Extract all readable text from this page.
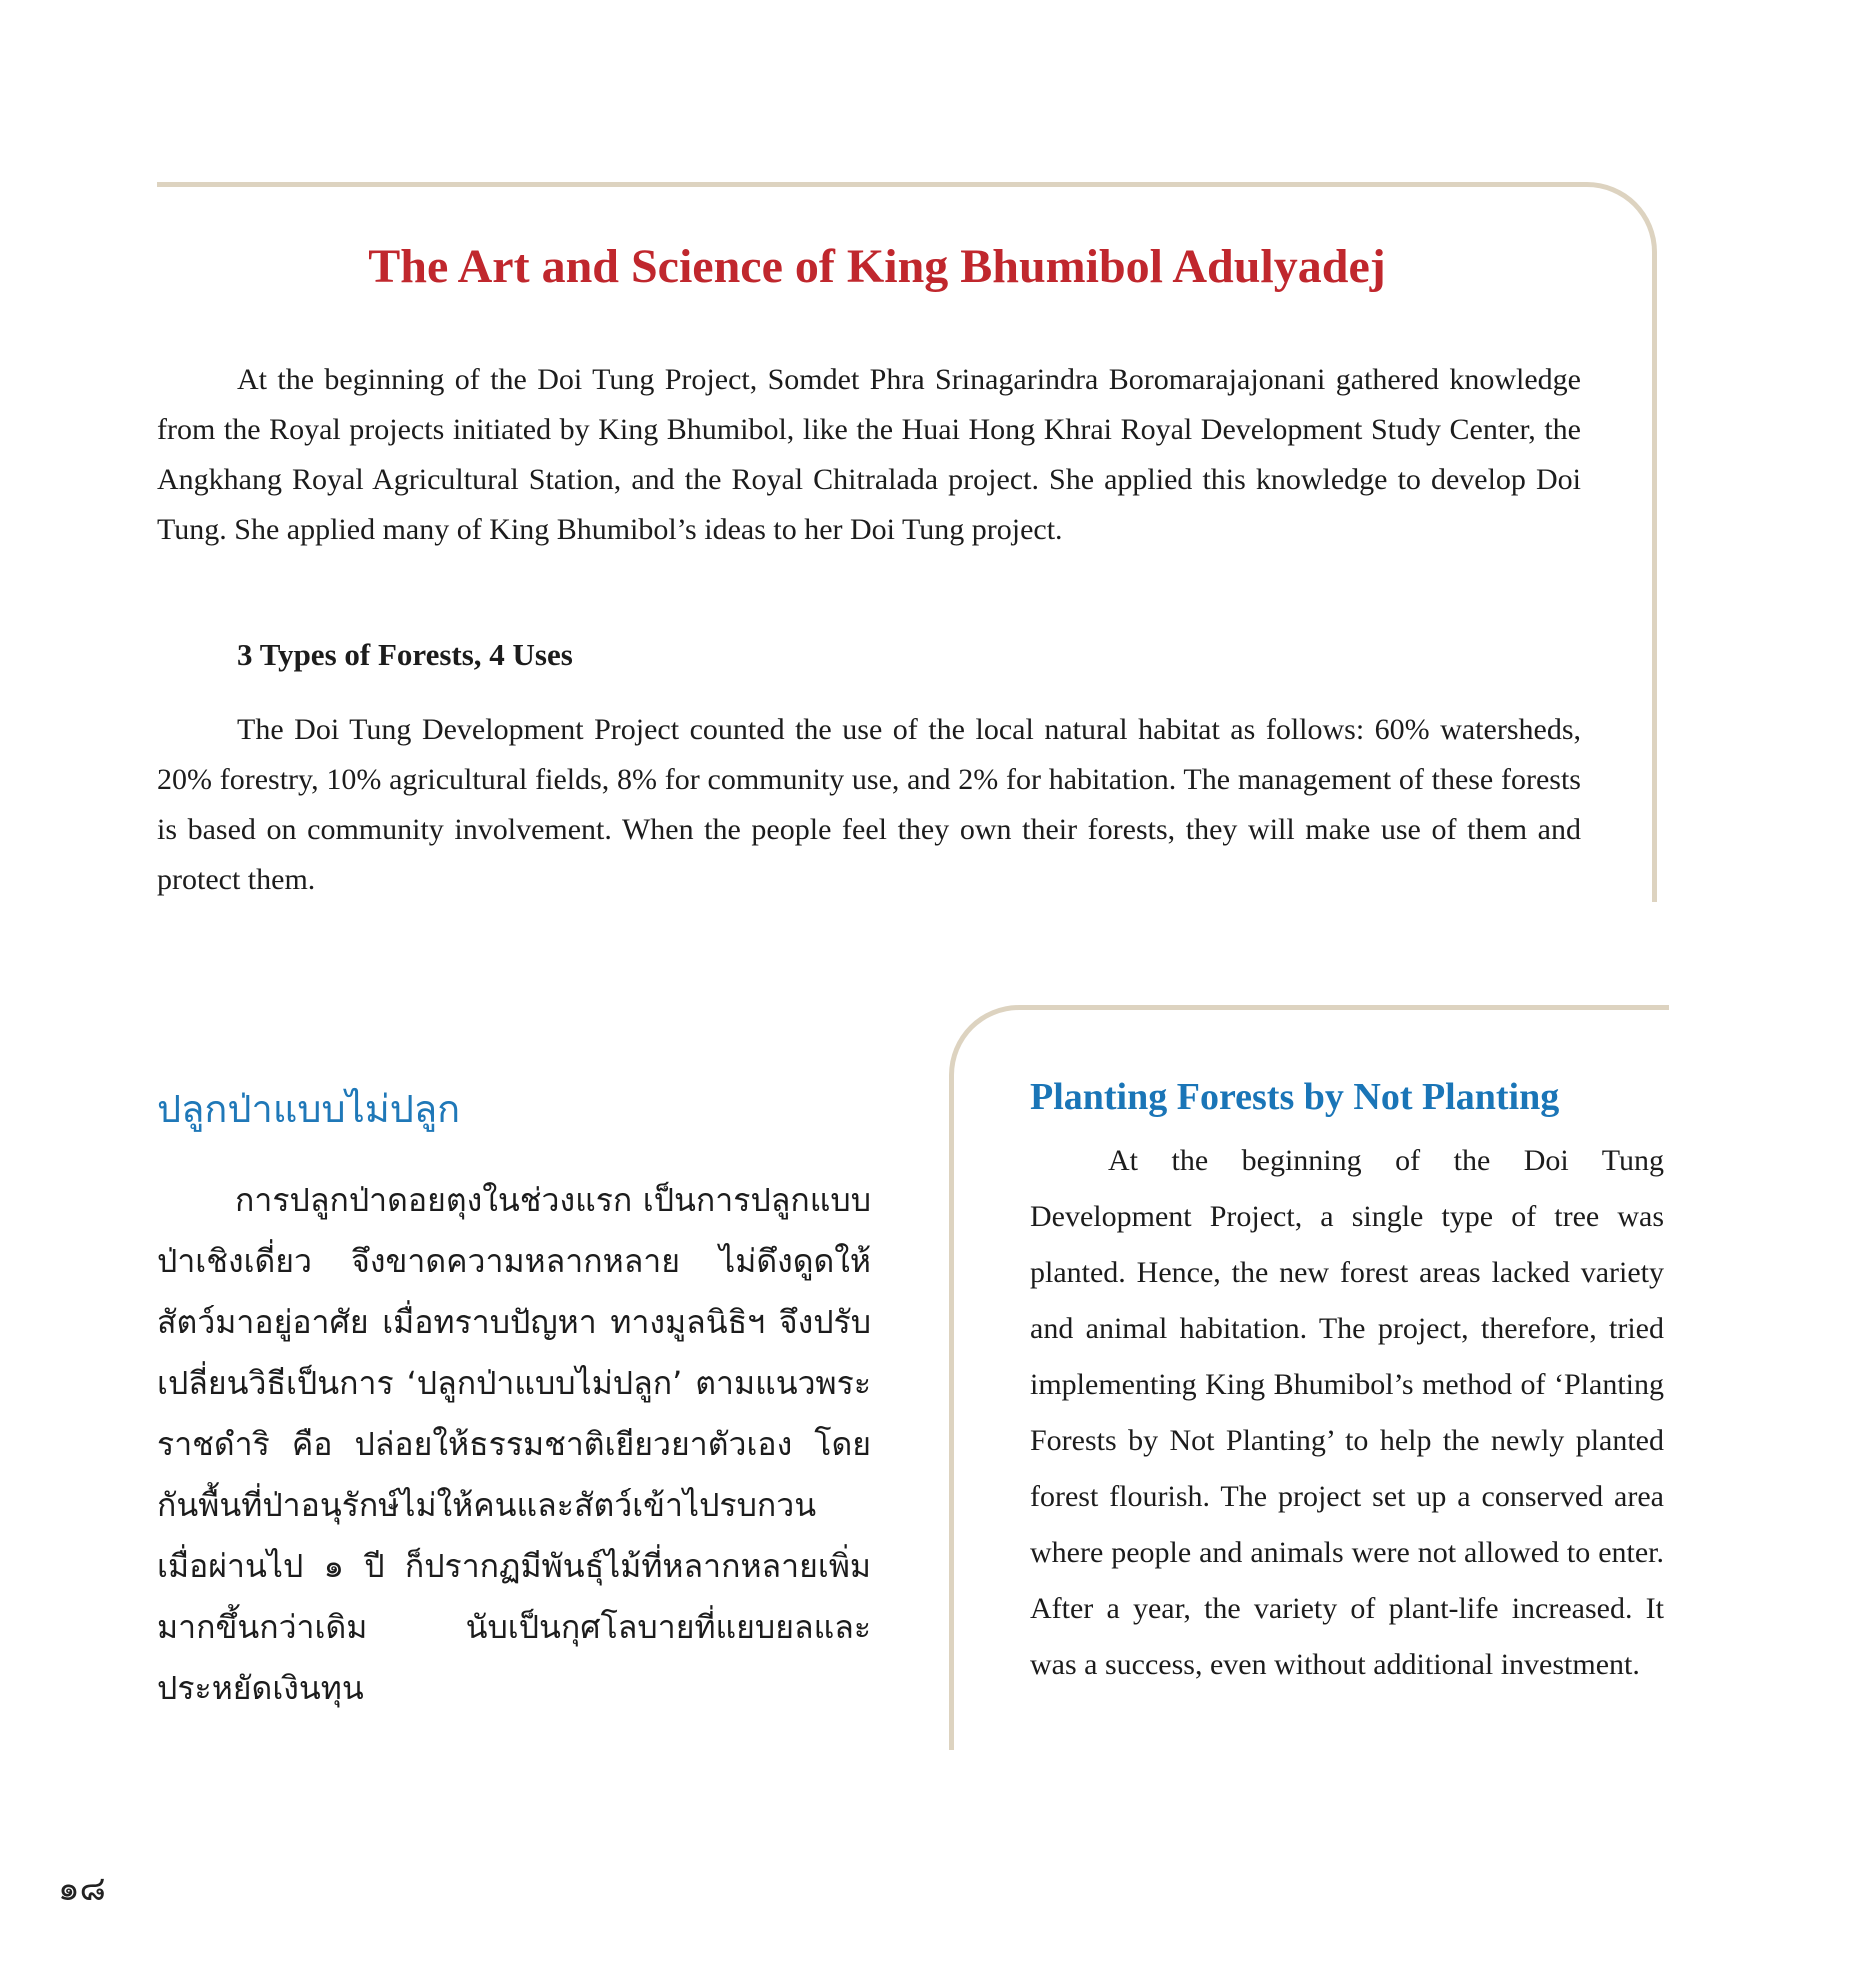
The Art and Science of King Bhumibol Adulyadej

At the beginning of the Doi Tung Project, Somdet Phra Srinagarindra Boromarajajonani gathered knowledge from the Royal projects initiated by King Bhumibol, like the Huai Hong Khrai Royal Development Study Center, the Angkhang Royal Agricultural Station, and the Royal Chitralada project. She applied this knowledge to develop Doi Tung. She applied many of King Bhumibol’s ideas to her Doi Tung project.

3 Types of Forests, 4 Uses

The Doi Tung Development Project counted the use of the local natural habitat as follows: 60% watersheds, 20% forestry, 10% agricultural fields, 8% for community use, and 2% for habitation. The management of these forests is based on community involvement. When the people feel they own their forests, they will make use of them and protect them.

ปลูกป่าแบบไม่ปลูก

การปลูกป่าดอยตุงในช่วงแรก เป็นการปลูกแบบป่าเชิงเดี่ยว จึงขาดความหลากหลาย ไม่ดึงดูดให้สัตว์มาอยู่อาศัย เมื่อทราบปัญหา ทางมูลนิธิฯ จึงปรับเปลี่ยนวิธีเป็นการ ‘ปลูกป่าแบบไม่ปลูก’ ตามแนวพระราชดำริ คือ ปล่อยให้ธรรมชาติเยียวยาตัวเอง โดยกันพื้นที่ป่าอนุรักษ์ไม่ให้คนและสัตว์เข้าไปรบกวน เมื่อผ่านไป ๑ ปี ก็ปรากฏมีพันธุ์ไม้ที่หลากหลายเพิ่มมากขึ้นกว่าเดิม นับเป็นกุศโลบายที่แยบยลและประหยัดเงินทุน

Planting Forests by Not Planting

At the beginning of the Doi Tung Development Project, a single type of tree was planted. Hence, the new forest areas lacked variety and animal habitation. The project, therefore, tried implementing King Bhumibol’s method of ‘Planting Forests by Not Planting’ to help the newly planted forest flourish. The project set up a conserved area where people and animals were not allowed to enter. After a year, the variety of plant-life increased. It was a success, even without additional investment.

๑๘
